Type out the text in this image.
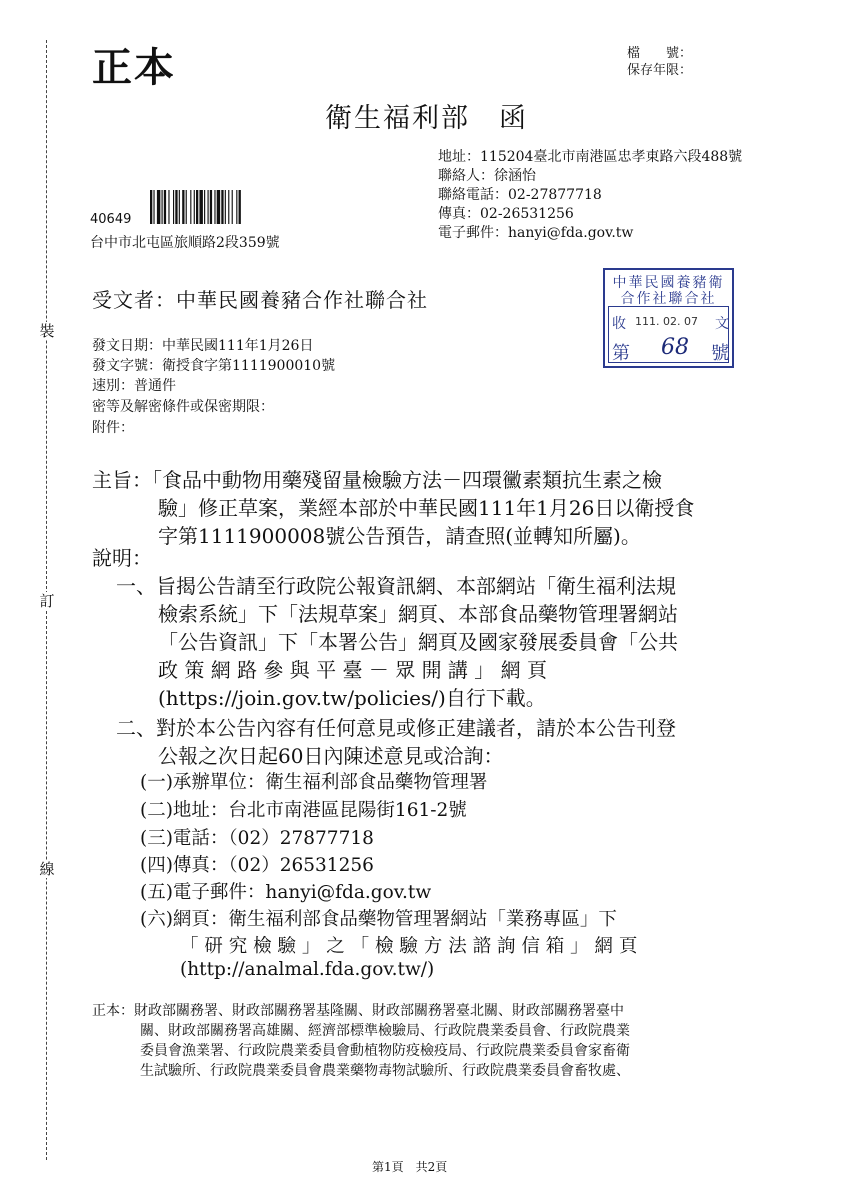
裝
訂
線
正本	檔　　號：
保存年限：
衛生福利部　函
地址：115204臺北市南港區忠孝東路六段488號
聯絡人：徐涵怡
聯絡電話：02-27877718
傳真：02-26531256
電子郵件：hanyi@fda.gov.tw
40649
台中市北屯區旅順路2段359號
受文者：中華民國養豬合作社聯合社
中華民國養豬衛
合作社聯合社
收 111. 02. 07 文
第 68 號
發文日期：中華民國111年1月26日
發文字號：衛授食字第1111900010號
速別：普通件
密等及解密條件或保密期限：
附件：
主旨：「食品中動物用藥殘留量檢驗方法－四環黴素類抗生素之檢
驗」修正草案，業經本部於中華民國111年1月26日以衛授食
字第1111900008號公告預告，請查照(並轉知所屬)。
說明：
一、旨揭公告請至行政院公報資訊網、本部網站「衛生福利法規
檢索系統」下「法規草案」網頁、本部食品藥物管理署網站
「公告資訊」下「本署公告」網頁及國家發展委員會「公共
政 策 網 路 參 與 平 臺 － 眾 開 講 」 網 頁
(https://join.gov.tw/policies/)自行下載。
二、對於本公告內容有任何意見或修正建議者，請於本公告刊登
公報之次日起60日內陳述意見或洽詢：
(一)承辦單位：衛生福利部食品藥物管理署
(二)地址：台北市南港區昆陽街161-2號
(三)電話：（02）27877718
(四)傳真：（02）26531256
(五)電子郵件：hanyi@fda.gov.tw
(六)網頁：衛生福利部食品藥物管理署網站「業務專區」下
「 研 究 檢 驗 」 之 「 檢 驗 方 法 諮 詢 信 箱 」 網 頁
(http://analmal.fda.gov.tw/)
正本：財政部關務署、財政部關務署基隆關、財政部關務署臺北關、財政部關務署臺中
關、財政部關務署高雄關、經濟部標準檢驗局、行政院農業委員會、行政院農業
委員會漁業署、行政院農業委員會動植物防疫檢疫局、行政院農業委員會家畜衛
生試驗所、行政院農業委員會農業藥物毒物試驗所、行政院農業委員會畜牧處、
第1頁　共2頁
